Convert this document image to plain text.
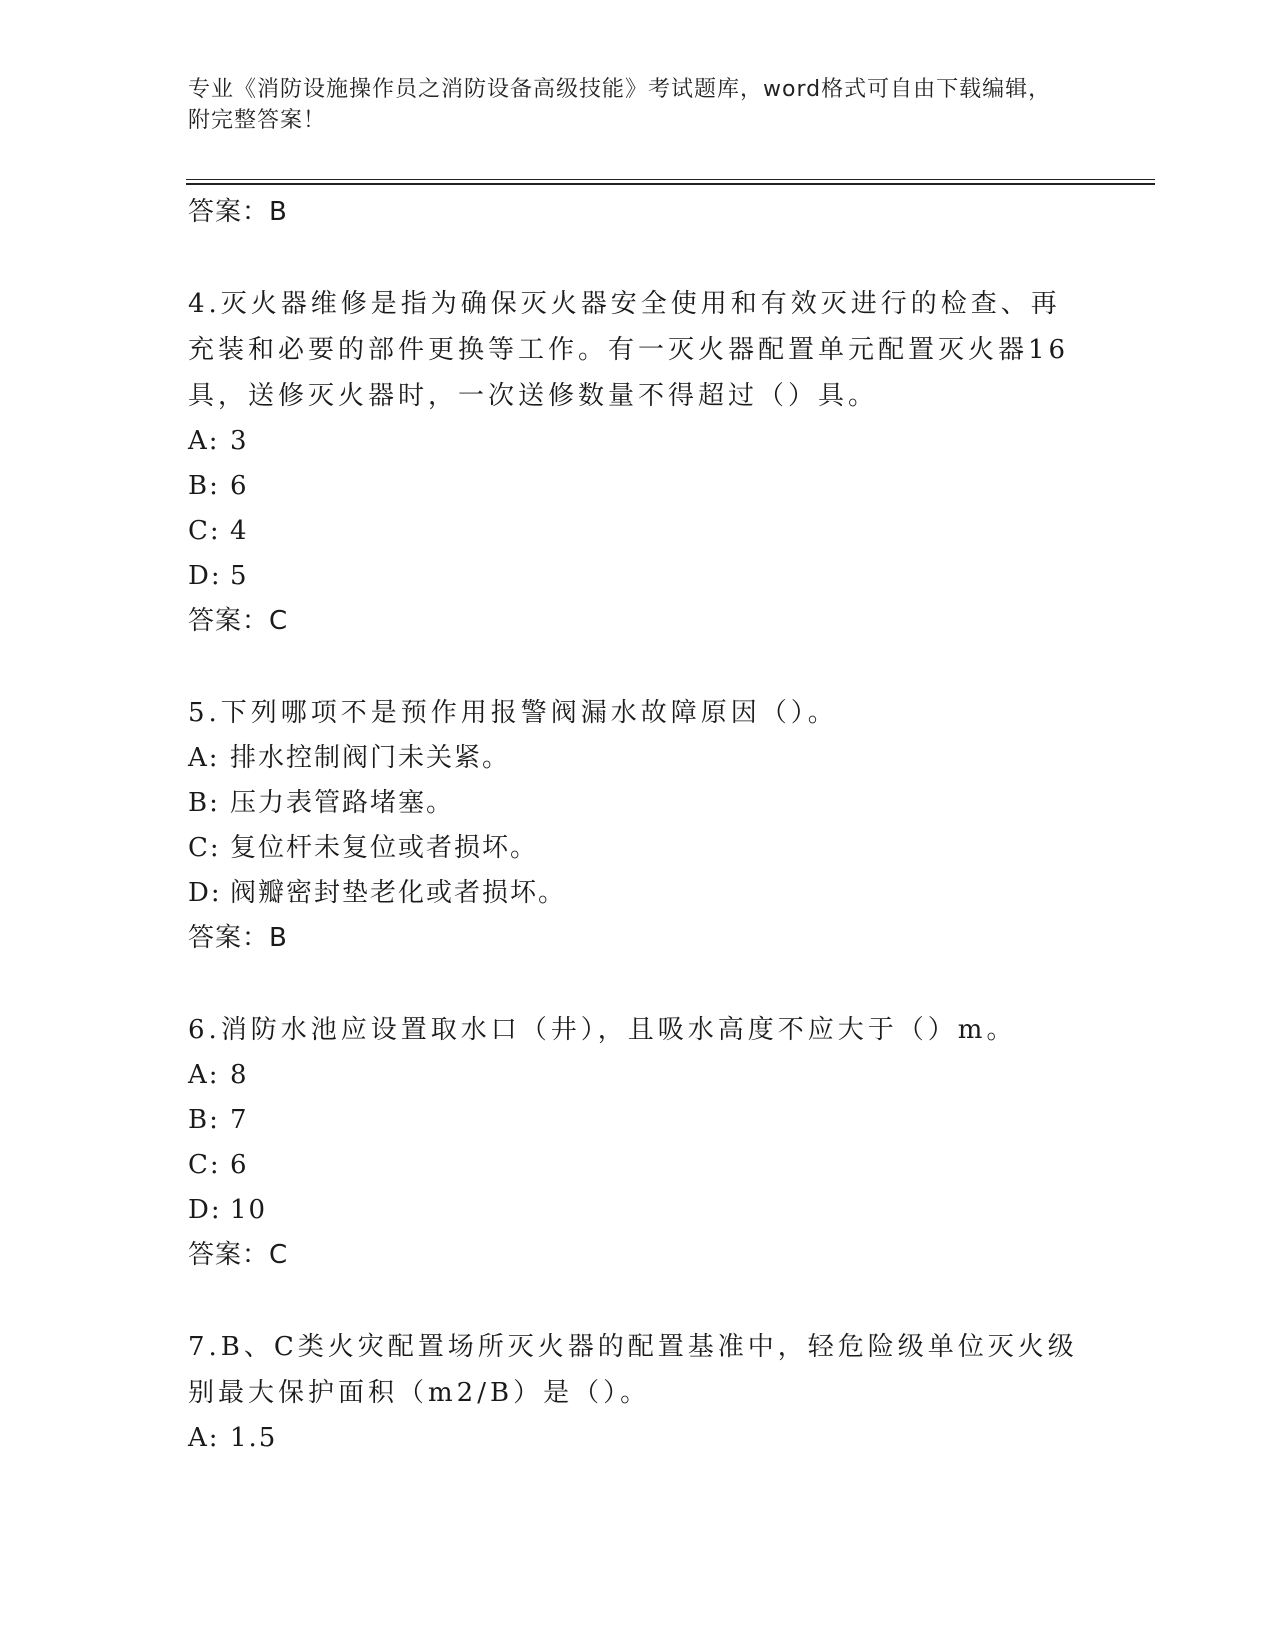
专业《消防设施操作员之消防设备高级技能》考试题库，word格式可自由下载编辑，附完整答案！
答案：B
4.灭火器维修是指为确保灭火器安全使用和有效灭进行的检查、再充装和必要的部件更换等工作。有一灭火器配置单元配置灭火器16具，送修灭火器时，一次送修数量不得超过（）具。
A: 3
B: 6
C: 4
D: 5
答案：C
5.下列哪项不是预作用报警阀漏水故障原因（）。
A: 排水控制阀门未关紧。
B: 压力表管路堵塞。
C: 复位杆未复位或者损坏。
D: 阀瓣密封垫老化或者损坏。
答案：B
6.消防水池应设置取水口（井），且吸水高度不应大于（）m。
A: 8
B: 7
C: 6
D: 10
答案：C
7.B、C类火灾配置场所灭火器的配置基准中，轻危险级单位灭火级别最大保护面积（m2/B）是（）。
A: 1.5
